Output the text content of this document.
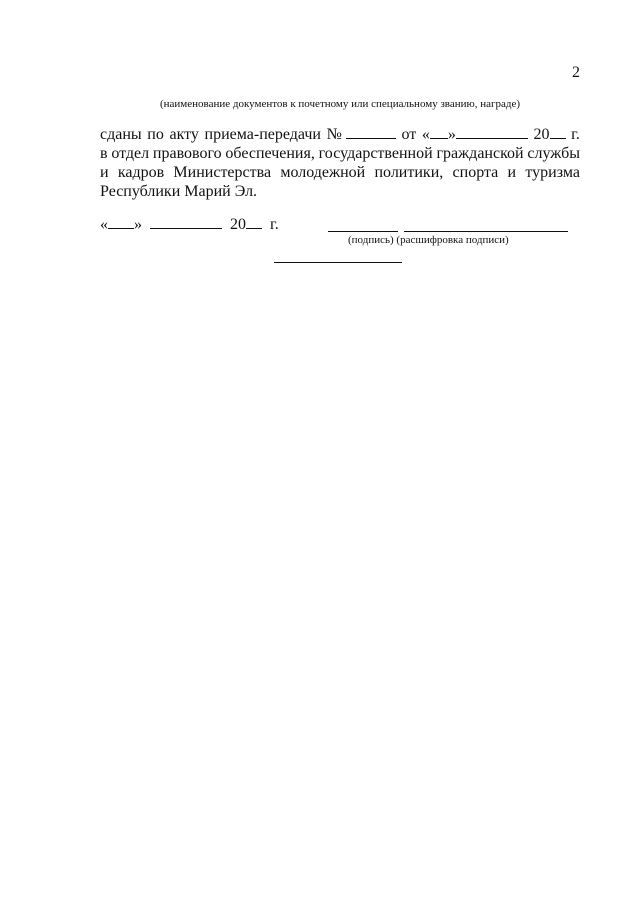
2
(наименование документов к почетному или специальному званию, награде)
сданы по акту приема-передачи №	от « »	20	г.
в отдел правового обеспечения, государственной гражданской службы
и кадров Министерства молодежной политики, спорта и туризма
Республики Марий Эл.
« »	20 г.
(подпись) (расшифровка подписи)
